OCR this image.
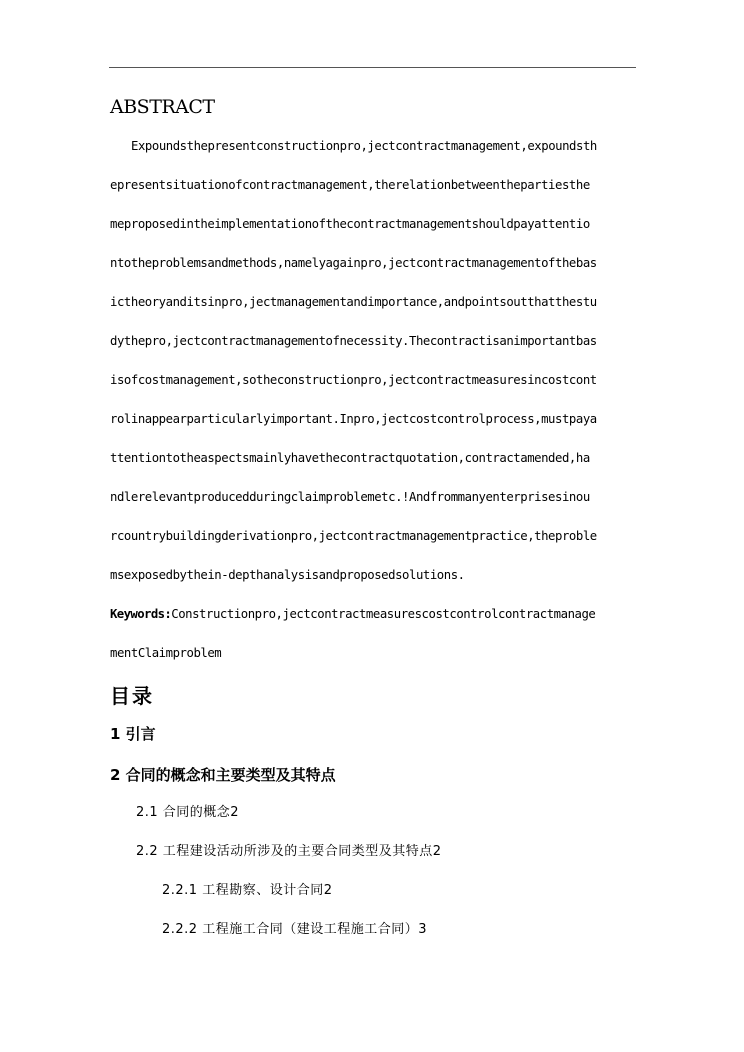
ABSTRACT
Expoundsthepresentconstructionpro,jectcontractmanagement,expoundsth
epresentsituationofcontractmanagement,therelationbetweenthepartiesthe
meproposedintheimplementationofthecontractmanagementshouldpayattentio
ntotheproblemsandmethods,namelyagainpro,jectcontractmanagementofthebas
ictheoryanditsinpro,jectmanagementandimportance,andpointsoutthatthestu
dythepro,jectcontractmanagementofnecessity.Thecontractisanimportantbas
isofcostmanagement,sotheconstructionpro,jectcontractmeasuresincostcont
rolinappearparticularlyimportant.Inpro,jectcostcontrolprocess,mustpaya
ttentiontotheaspectsmainlyhavethecontractquotation,contractamended,ha
ndlerelevantproducedduringclaimproblemetc.!Andfrommanyenterprisesinou
rcountrybuildingderivationpro,jectcontractmanagementpractice,theproble
msexposedbythein-depthanalysisandproposedsolutions.
Keywords:Constructionpro,jectcontractmeasurescostcontrolcontractmanage
mentClaimproblem
目录
1 引言
2 合同的概念和主要类型及其特点
2.1 合同的概念2
2.2 工程建设活动所涉及的主要合同类型及其特点2
2.2.1 工程勘察、设计合同2
2.2.2 工程施工合同（建设工程施工合同）3
